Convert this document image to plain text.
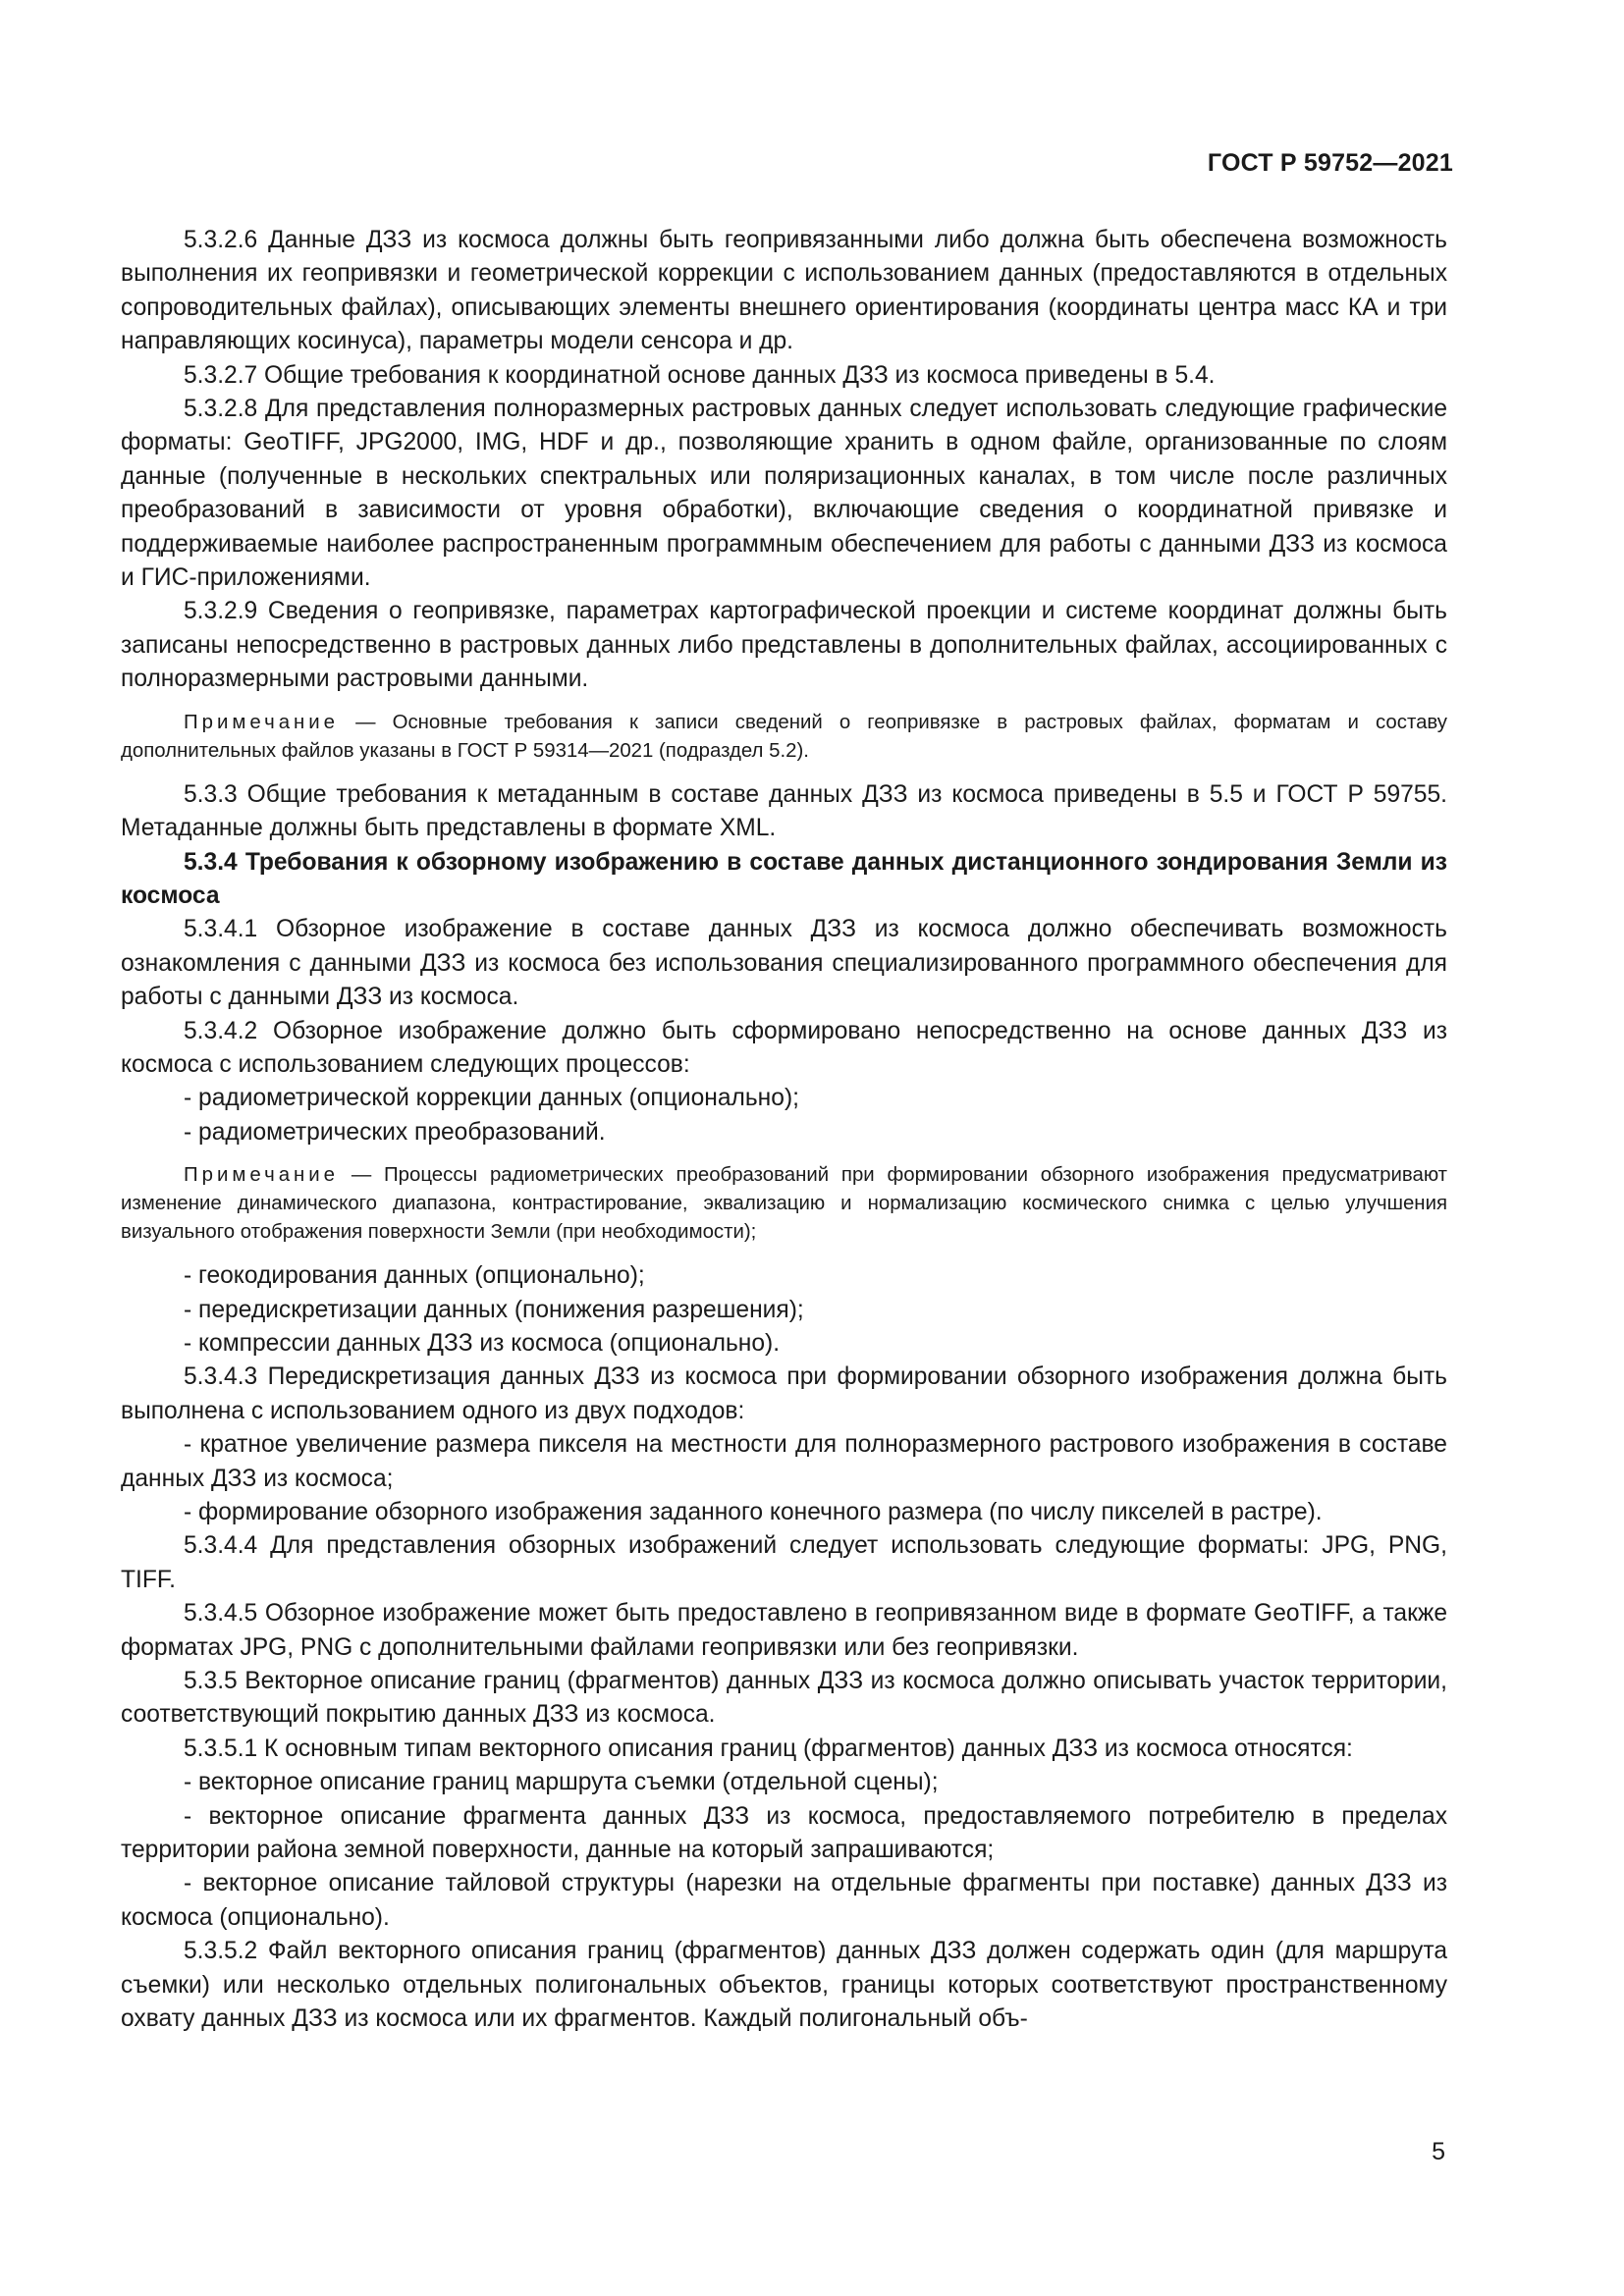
ГОСТ Р 59752—2021

5.3.2.6 Данные ДЗЗ из космоса должны быть геопривязанными либо должна быть обеспечена возможность выполнения их геопривязки и геометрической коррекции с использованием данных (предоставляются в отдельных сопроводительных файлах), описывающих элементы внешнего ориентирования (координаты центра масс КА и три направляющих косинуса), параметры модели сенсора и др.

5.3.2.7 Общие требования к координатной основе данных ДЗЗ из космоса приведены в 5.4.

5.3.2.8 Для представления полноразмерных растровых данных следует использовать следующие графические форматы: GeoTIFF, JPG2000, IMG, HDF и др., позволяющие хранить в одном файле, организованные по слоям данные (полученные в нескольких спектральных или поляризационных каналах, в том числе после различных преобразований в зависимости от уровня обработки), включающие сведения о координатной привязке и поддерживаемые наиболее распространенным программным обеспечением для работы с данными ДЗЗ из космоса и ГИС-приложениями.

5.3.2.9 Сведения о геопривязке, параметрах картографической проекции и системе координат должны быть записаны непосредственно в растровых данных либо представлены в дополнительных файлах, ассоциированных с полноразмерными растровыми данными.

Примечание — Основные требования к записи сведений о геопривязке в растровых файлах, форматам и составу дополнительных файлов указаны в ГОСТ Р 59314—2021 (подраздел 5.2).

5.3.3 Общие требования к метаданным в составе данных ДЗЗ из космоса приведены в 5.5 и ГОСТ Р 59755. Метаданные должны быть представлены в формате XML.

5.3.4 Требования к обзорному изображению в составе данных дистанционного зондирования Земли из космоса

5.3.4.1 Обзорное изображение в составе данных ДЗЗ из космоса должно обеспечивать возможность ознакомления с данными ДЗЗ из космоса без использования специализированного программного обеспечения для работы с данными ДЗЗ из космоса.

5.3.4.2 Обзорное изображение должно быть сформировано непосредственно на основе данных ДЗЗ из космоса с использованием следующих процессов:

- радиометрической коррекции данных (опционально);

- радиометрических преобразований.

Примечание — Процессы радиометрических преобразований при формировании обзорного изображения предусматривают изменение динамического диапазона, контрастирование, эквализацию и нормализацию космического снимка с целью улучшения визуального отображения поверхности Земли (при необходимости);

- геокодирования данных (опционально);

- передискретизации данных (понижения разрешения);

- компрессии данных ДЗЗ из космоса (опционально).

5.3.4.3 Передискретизация данных ДЗЗ из космоса при формировании обзорного изображения должна быть выполнена с использованием одного из двух подходов:

- кратное увеличение размера пикселя на местности для полноразмерного растрового изображения в составе данных ДЗЗ из космоса;

- формирование обзорного изображения заданного конечного размера (по числу пикселей в растре).

5.3.4.4 Для представления обзорных изображений следует использовать следующие форматы: JPG, PNG, TIFF.

5.3.4.5 Обзорное изображение может быть предоставлено в геопривязанном виде в формате GeoTIFF, а также форматах JPG, PNG с дополнительными файлами геопривязки или без геопривязки.

5.3.5 Векторное описание границ (фрагментов) данных ДЗЗ из космоса должно описывать участок территории, соответствующий покрытию данных ДЗЗ из космоса.

5.3.5.1 К основным типам векторного описания границ (фрагментов) данных ДЗЗ из космоса относятся:

- векторное описание границ маршрута съемки (отдельной сцены);

- векторное описание фрагмента данных ДЗЗ из космоса, предоставляемого потребителю в пределах территории района земной поверхности, данные на который запрашиваются;

- векторное описание тайловой структуры (нарезки на отдельные фрагменты при поставке) данных ДЗЗ из космоса (опционально).

5.3.5.2 Файл векторного описания границ (фрагментов) данных ДЗЗ должен содержать один (для маршрута съемки) или несколько отдельных полигональных объектов, границы которых соответствуют пространственному охвату данных ДЗЗ из космоса или их фрагментов. Каждый полигональный объ-

5
